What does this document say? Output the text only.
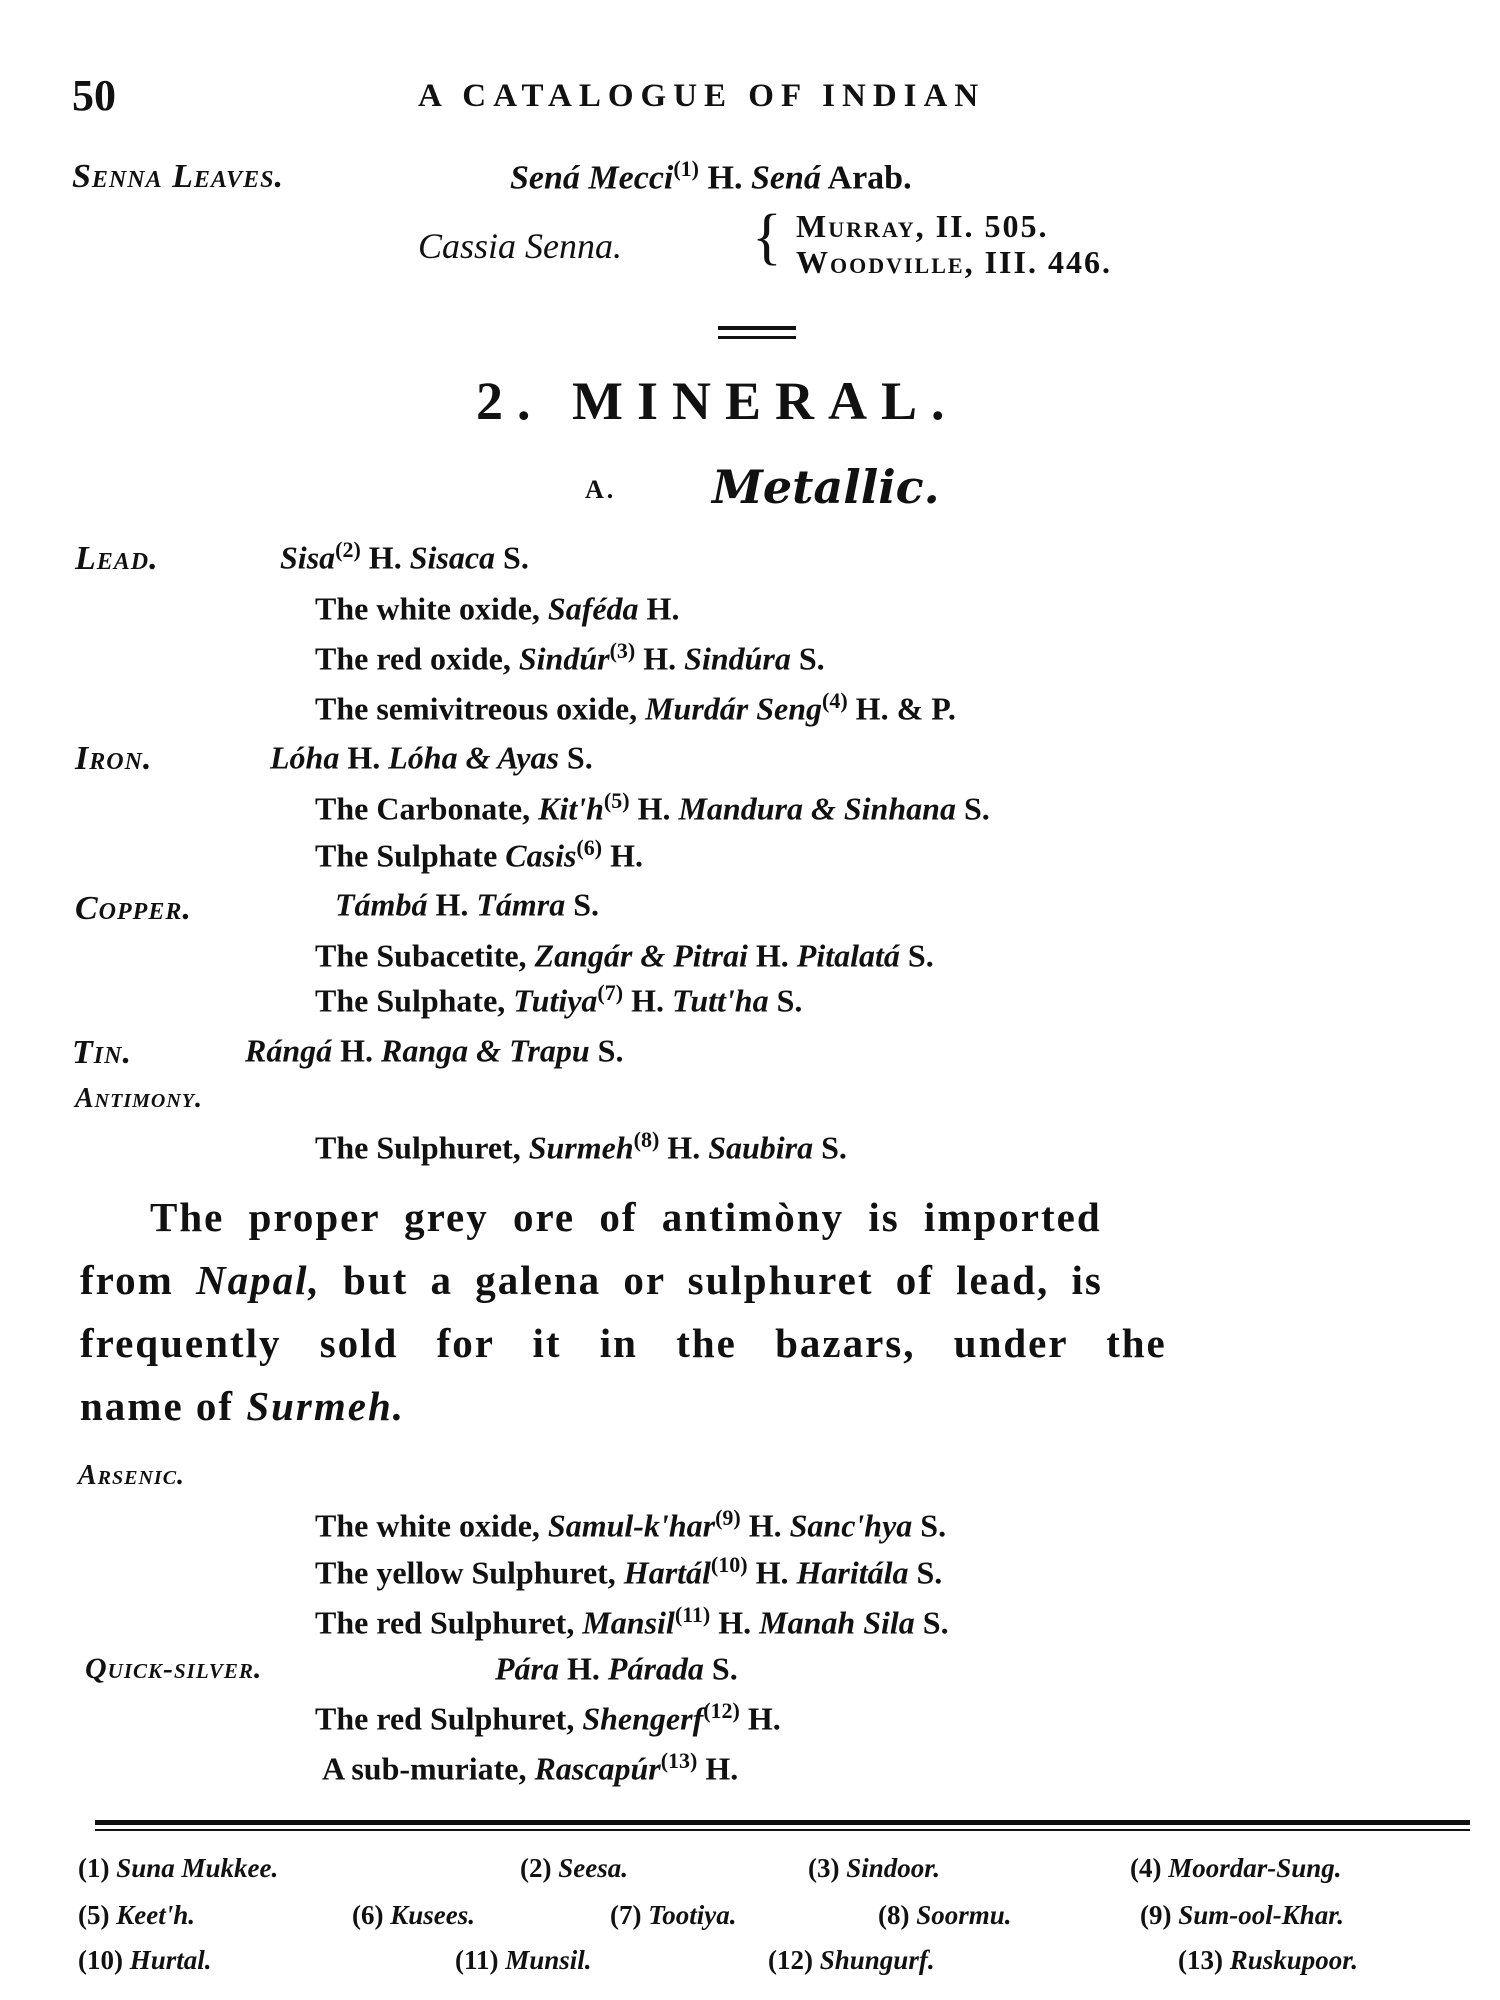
50	A CATALOGUE OF INDIAN
Senna Leaves.	Sená Mecci$^{(1)}$ H. Sená Arab.
Cassia Senna. { Murray, II. 505.
Woodville, III. 446.
2. MINERAL.
A. Metallic.
Lead.	Sisa$^{(2)}$ H. Sisaca S.
The white oxide, Saféda H.
The red oxide, Sindúr$^{(3)}$ H. Sindúra S.
The semivitreous oxide, Murdár Seng$^{(4)}$ H. & P.
Iron.	Lóha H. Lóha & Ayas S.
The Carbonate, $Kit'h^{(5)}$ H. Mandura & Sinhana S.
The Sulphate Casis$^{(6)}$ H.
Copper.	Támbá H. Támra S.
The Subacetite, Zangár & Pitrai H. Pitalatá S.
The Sulphate, Tutiya$^{(7)}$ H. Tutt'ha S.
Tin.	Rángá H. Ranga & Trapu S.
Antimony.
The Sulphuret, Surmeh$^{(8)}$ H. Saubira S.
The proper grey ore of antimòny is imported
from Napal, but a galena or sulphuret of lead, is
frequently sold for it in the bazars, under the
name of Surmeh.
Arsenic.
The white oxide, Samul-k'har$^{(9)}$ H. Sanc'hya S.
The yellow Sulphuret, Hartál$^{(10)}$ H. Haritála S.
The red Sulphuret, Mansil$^{(11)}$ H. Manah Sila S.
Quick-silver.	Pára H. Párada S.
The red Sulphuret, Shengerf$^{(12)}$ H.
A sub-muriate, Rascapúr$^{(13)}$ H.
(1) Suna Mukkee.	(2) Seesa.	(3) Sindoor.	(4) Moordar-Sung.
(5) Keet'h.	(6) Kusees.	(7) Tootiya.	(8) Soormu.	(9) Sum-ool-Khar.
(10) Hurtal.	(11) Munsil.	(12) Shungurf.	(13) Ruskupoor.
